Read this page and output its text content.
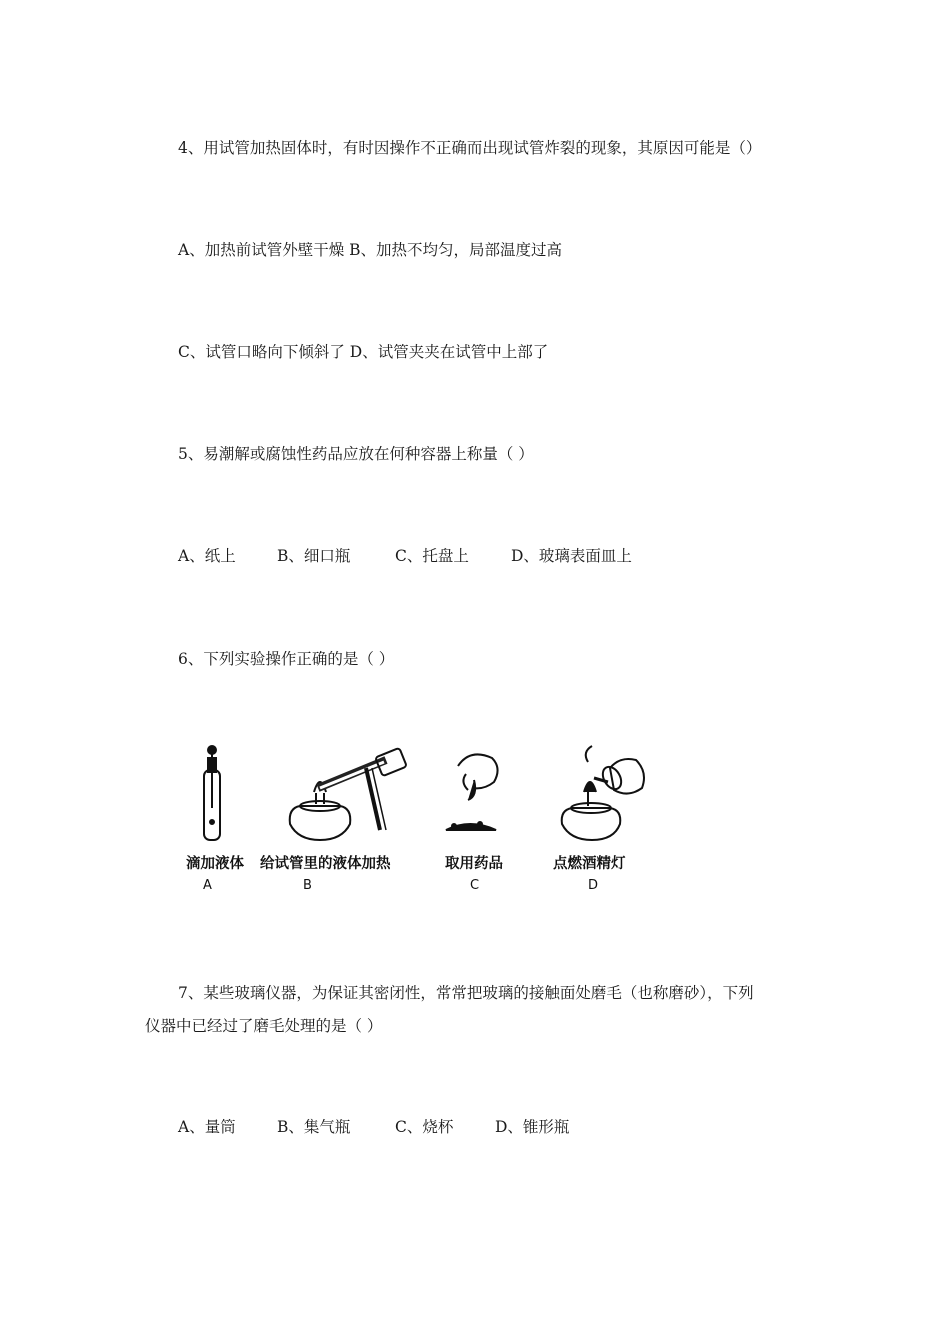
4、用试管加热固体时，有时因操作不正确而出现试管炸裂的现象，其原因可能是（）
A、加热前试管外壁干燥 B、加热不均匀，局部温度过高
C、试管口略向下倾斜了 D、试管夹夹在试管中上部了
5、易潮解或腐蚀性药品应放在何种容器上称量（ ）
A、纸上	B、细口瓶	C、托盘上	D、玻璃表面皿上
6、下列实验操作正确的是（ ）
滴加液体 给试管里的液体加热	取用药品	点燃酒精灯
A	B	C	D
7、某些玻璃仪器，为保证其密闭性，常常把玻璃的接触面处磨毛（也称磨砂），下列
仪器中已经过了磨毛处理的是（ ）
A、量筒	B、集气瓶	C、烧杯	D、锥形瓶
